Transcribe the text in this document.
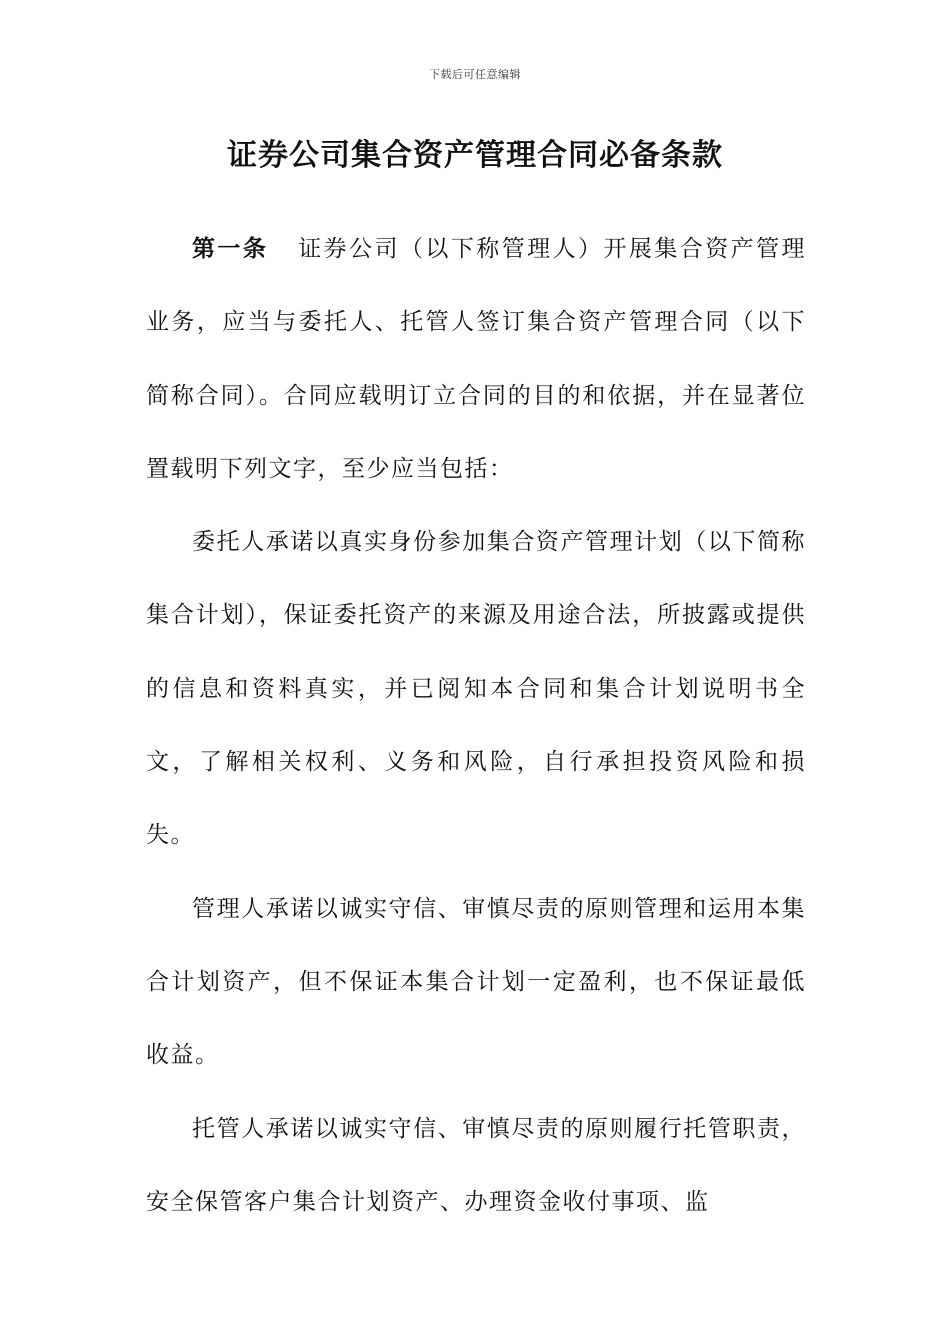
下载后可任意编辑
证券公司集合资产管理合同必备条款

第一条 证券公司（以下称管理人）开展集合资产管理业务，应当与委托人、托管人签订集合资产管理合同（以下简称合同）。合同应载明订立合同的目的和依据，并在显著位置载明下列文字，至少应当包括：

委托人承诺以真实身份参加集合资产管理计划（以下简称集合计划），保证委托资产的来源及用途合法，所披露或提供的信息和资料真实，并已阅知本合同和集合计划说明书全文，了解相关权利、义务和风险，自行承担投资风险和损失。

管理人承诺以诚实守信、审慎尽责的原则管理和运用本集合计划资产，但不保证本集合计划一定盈利，也不保证最低收益。

托管人承诺以诚实守信、审慎尽责的原则履行托管职责，安全保管客户集合计划资产、办理资金收付事项、监
